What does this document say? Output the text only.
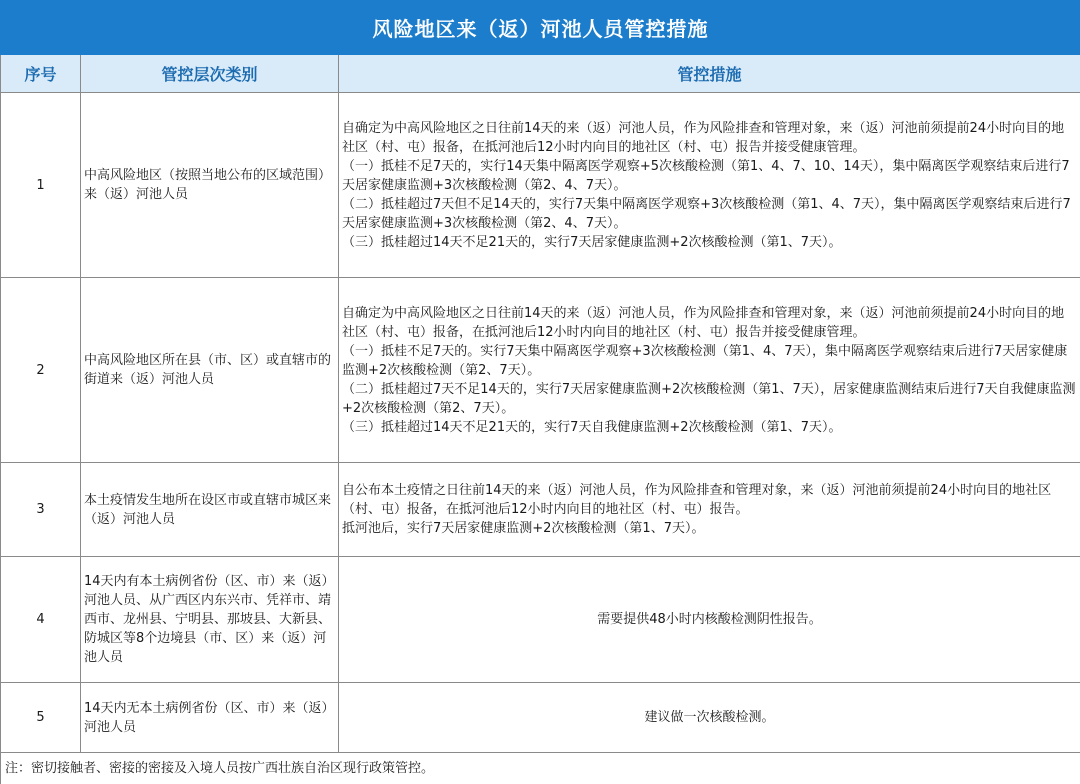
风险地区来（返）河池人员管控措施		
序号	管控层次类别	管控措施
1	中高风险地区（按照当地公布的区域范围）来（返）河池人员	自确定为中高风险地区之日往前14天的来（返）河池人员，作为风险排查和管理对象，来（返）河池前须提前24小时向目的地社区（村、屯）报备，在抵河池后12小时内向目的地社区（村、屯）报告并接受健康管理。
（一）抵桂不足7天的，实行14天集中隔离医学观察+5次核酸检测（第1、4、7、10、14天），集中隔离医学观察结束后进行7天居家健康监测+3次核酸检测（第2、4、7天）。
（二）抵桂超过7天但不足14天的，实行7天集中隔离医学观察+3次核酸检测（第1、4、7天），集中隔离医学观察结束后进行7天居家健康监测+3次核酸检测（第2、4、7天）。
（三）抵桂超过14天不足21天的，实行7天居家健康监测+2次核酸检测（第1、7天）。

2	中高风险地区所在县（市、区）或直辖市的街道来（返）河池人员	自确定为中高风险地区之日往前14天的来（返）河池人员，作为风险排查和管理对象，来（返）河池前须提前24小时向目的地社区（村、屯）报备，在抵河池后12小时内向目的地社区（村、屯）报告并接受健康管理。
（一）抵桂不足7天的。实行7天集中隔离医学观察+3次核酸检测（第1、4、7天），集中隔离医学观察结束后进行7天居家健康监测+2次核酸检测（第2、7天）。
（二）抵桂超过7天不足14天的，实行7天居家健康监测+2次核酸检测（第1、7天），居家健康监测结束后进行7天自我健康监测+2次核酸检测（第2、7天）。
（三）抵桂超过14天不足21天的，实行7天自我健康监测+2次核酸检测（第1、7天）。

3	本土疫情发生地所在设区市或直辖市城区来（返）河池人员	自公布本土疫情之日往前14天的来（返）河池人员，作为风险排查和管理对象，来（返）河池前须提前24小时向目的地社区（村、屯）报备，在抵河池后12小时内向目的地社区（村、屯）报告。
抵河池后，实行7天居家健康监测+2次核酸检测（第1、7天）。

4	14天内有本土病例省份（区、市）来（返）河池人员、从广西区内东兴市、凭祥市、靖西市、龙州县、宁明县、那坡县、大新县、防城区等8个边境县（市、区）来（返）河池人员	需要提供48小时内核酸检测阴性报告。

5	14天内无本土病例省份（区、市）来（返）河池人员	建议做一次核酸检测。

注：密切接触者、密接的密接及入境人员按广西壮族自治区现行政策管控。		
